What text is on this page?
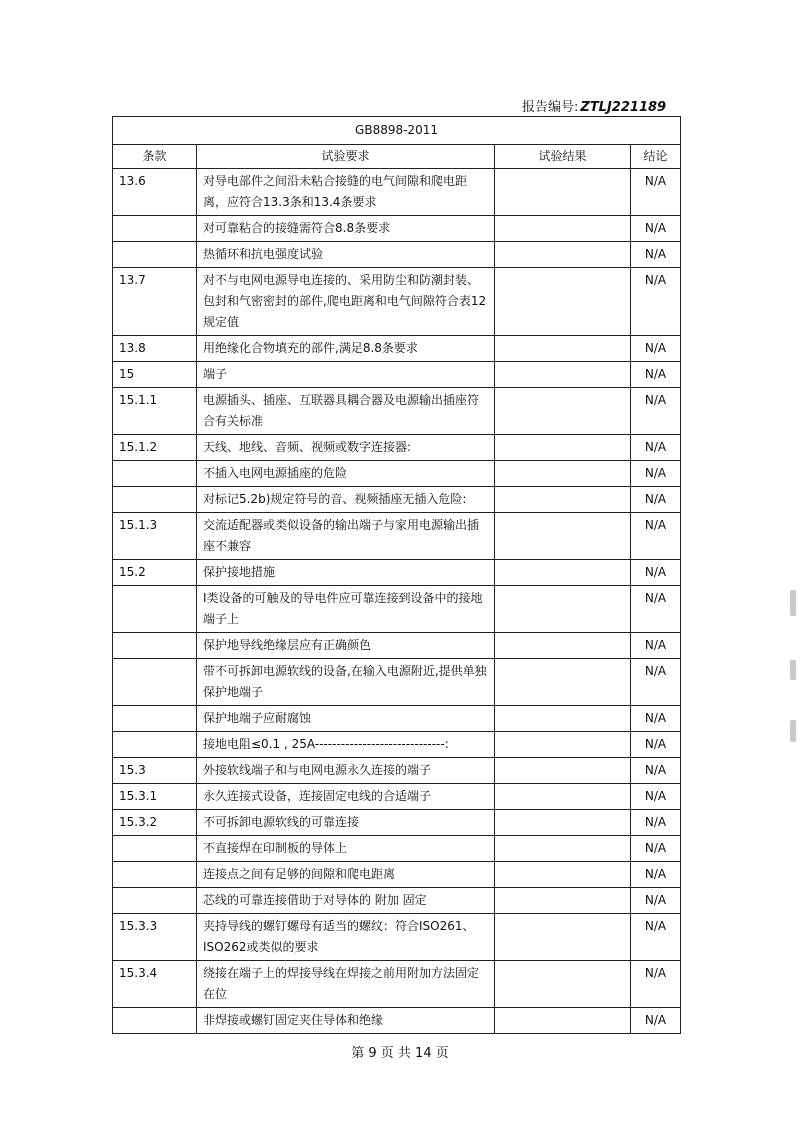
报告编号: ZTLJ221189
GB8898-2011			
条款	试验要求	试验结果	结论
13.6	对导电部件之间沿未粘合接缝的电气间隙和爬电距离，应符合13.3条和13.4条要求		N/A
	对可靠粘合的接缝需符合8.8条要求		N/A
	热循环和抗电强度试验		N/A
13.7	对不与电网电源导电连接的、采用防尘和防潮封装、包封和气密密封的部件,爬电距离和电气间隙符合表12规定值		N/A
13.8	用绝缘化合物填充的部件,满足8.8条要求		N/A
15	端子		N/A
15.1.1	电源插头、插座、互联器具耦合器及电源输出插座符合有关标准		N/A
15.1.2	天线、地线、音频、视频或数字连接器:		N/A
	不插入电网电源插座的危险		N/A
	对标记5.2b)规定符号的音、视频插座无插入危险:		N/A
15.1.3	交流适配器或类似设备的输出端子与家用电源输出插座不兼容		N/A
15.2	保护接地措施		N/A
	I类设备的可触及的导电件应可靠连接到设备中的接地端子上		N/A
	保护地导线绝缘层应有正确颜色		N/A
	带不可拆卸电源软线的设备,在输入电源附近,提供单独保护地端子		N/A
	保护地端子应耐腐蚀		N/A
	接地电阻≤0.1 , 25A------------------------------:		N/A
15.3	外接软线端子和与电网电源永久连接的端子		N/A
15.3.1	永久连接式设备，连接固定电线的合适端子		N/A
15.3.2	不可拆卸电源软线的可靠连接		N/A
	不直接焊在印制板的导体上		N/A
	连接点之间有足够的间隙和爬电距离		N/A
	芯线的可靠连接借助于对导体的 附加 固定		N/A
15.3.3	夹持导线的螺钉螺母有适当的螺纹：符合ISO261、ISO262或类似的要求		N/A
15.3.4	绕接在端子上的焊接导线在焊接之前用附加方法固定在位		N/A
	非焊接或螺钉固定夹住导体和绝缘		N/A
第 9 页 共 14 页
